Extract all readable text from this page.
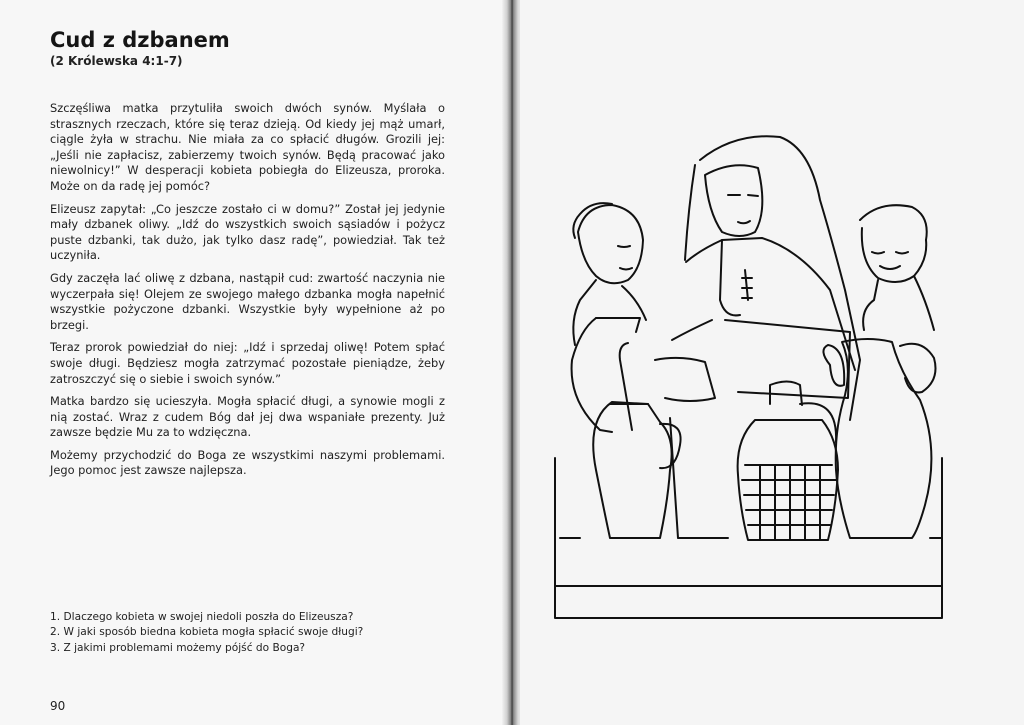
Cud z dzbanem
(2 Królewska 4:1-7)

Szczęśliwa matka przytuliła swoich dwóch synów. Myślała o strasznych rzeczach, które się teraz dzieją. Od kiedy jej mąż umarł, ciągle żyła w strachu. Nie miała za co spłacić długów. Grozili jej: „Jeśli nie zapłacisz, zabierzemy twoich synów. Będą pracować jako niewolnicy!” W desperacji kobieta pobiegła do Elizeusza, proroka. Może on da radę jej pomóc?

Elizeusz zapytał: „Co jeszcze zostało ci w domu?” Został jej jedynie mały dzbanek oliwy. „Idź do wszystkich swoich sąsiadów i pożycz puste dzbanki, tak dużo, jak tylko dasz radę”, powiedział. Tak też uczyniła.

Gdy zaczęła lać oliwę z dzbana, nastąpił cud: zwartość naczynia nie wyczerpała się! Olejem ze swojego małego dzbanka mogła napełnić wszystkie pożyczone dzbanki. Wszystkie były wypełnione aż po brzegi.

Teraz prorok powiedział do niej: „Idź i sprzedaj oliwę! Potem spłać swoje długi. Będziesz mogła zatrzymać pozostałe pieniądze, żeby zatroszczyć się o siebie i swoich synów.”

Matka bardzo się ucieszyła. Mogła spłacić długi, a synowie mogli z nią zostać. Wraz z cudem Bóg dał jej dwa wspaniałe prezenty. Już zawsze będzie Mu za to wdzięczna.

Możemy przychodzić do Boga ze wszystkimi naszymi problemami. Jego pomoc jest zawsze najlepsza.

1. Dlaczego kobieta w swojej niedoli poszła do Elizeusza?
2. W jaki sposób biedna kobieta mogła spłacić swoje długi?
3. Z jakimi problemami możemy pójść do Boga?
90
